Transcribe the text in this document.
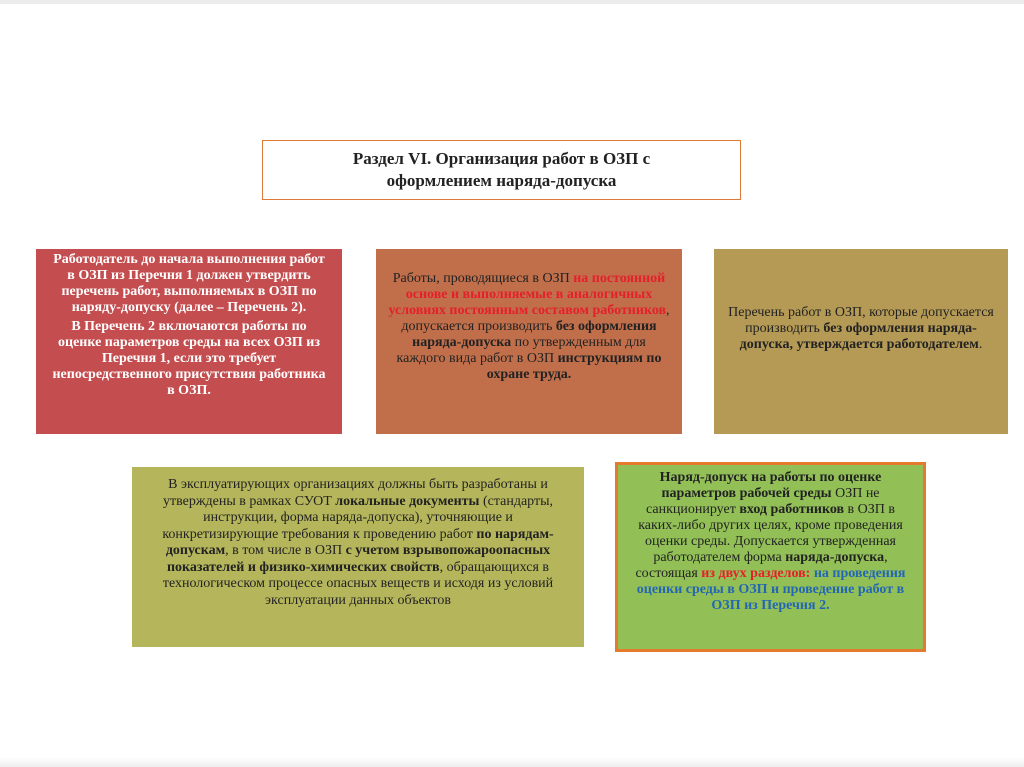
Раздел VI. Организация работ в ОЗП с
оформлением наряда-допуска

Работодатель до начала выполнения работ в ОЗП из Перечня 1 должен утвердить перечень работ, выполняемых в ОЗП по наряду-допуску (далее – Перечень 2).

В Перечень 2 включаются работы по оценке параметров среды на всех ОЗП из Перечня 1, если это требует непосредственного присутствия работника в ОЗП.

Работы, проводящиеся в ОЗП на постоянной основе и выполняемые в аналогичных условиях постоянным составом работников, допускается производить без оформления наряда-допуска по утвержденным для каждого вида работ в ОЗП инструкциям по охране труда.
Перечень работ в ОЗП, которые допускается производить без оформления наряда-допуска, утверждается работодателем.
В эксплуатирующих организациях должны быть разработаны и утверждены в рамках СУОТ локальные документы (стандарты, инструкции, форма наряда-допуска), уточняющие и конкретизирующие требования к проведению работ по нарядам-допускам, в том числе в ОЗП с учетом взрывопожароопасных показателей и физико-химических свойств, обращающихся в технологическом процессе опасных веществ и исходя из условий эксплуатации данных объектов
Наряд-допуск на работы по оценке параметров рабочей среды ОЗП не санкционирует вход работников в ОЗП в каких-либо других целях, кроме проведения оценки среды. Допускается утвержденная работодателем форма наряда-допуска, состоящая из двух разделов: на проведения оценки среды в ОЗП и проведение работ в ОЗП из Перечня 2.
